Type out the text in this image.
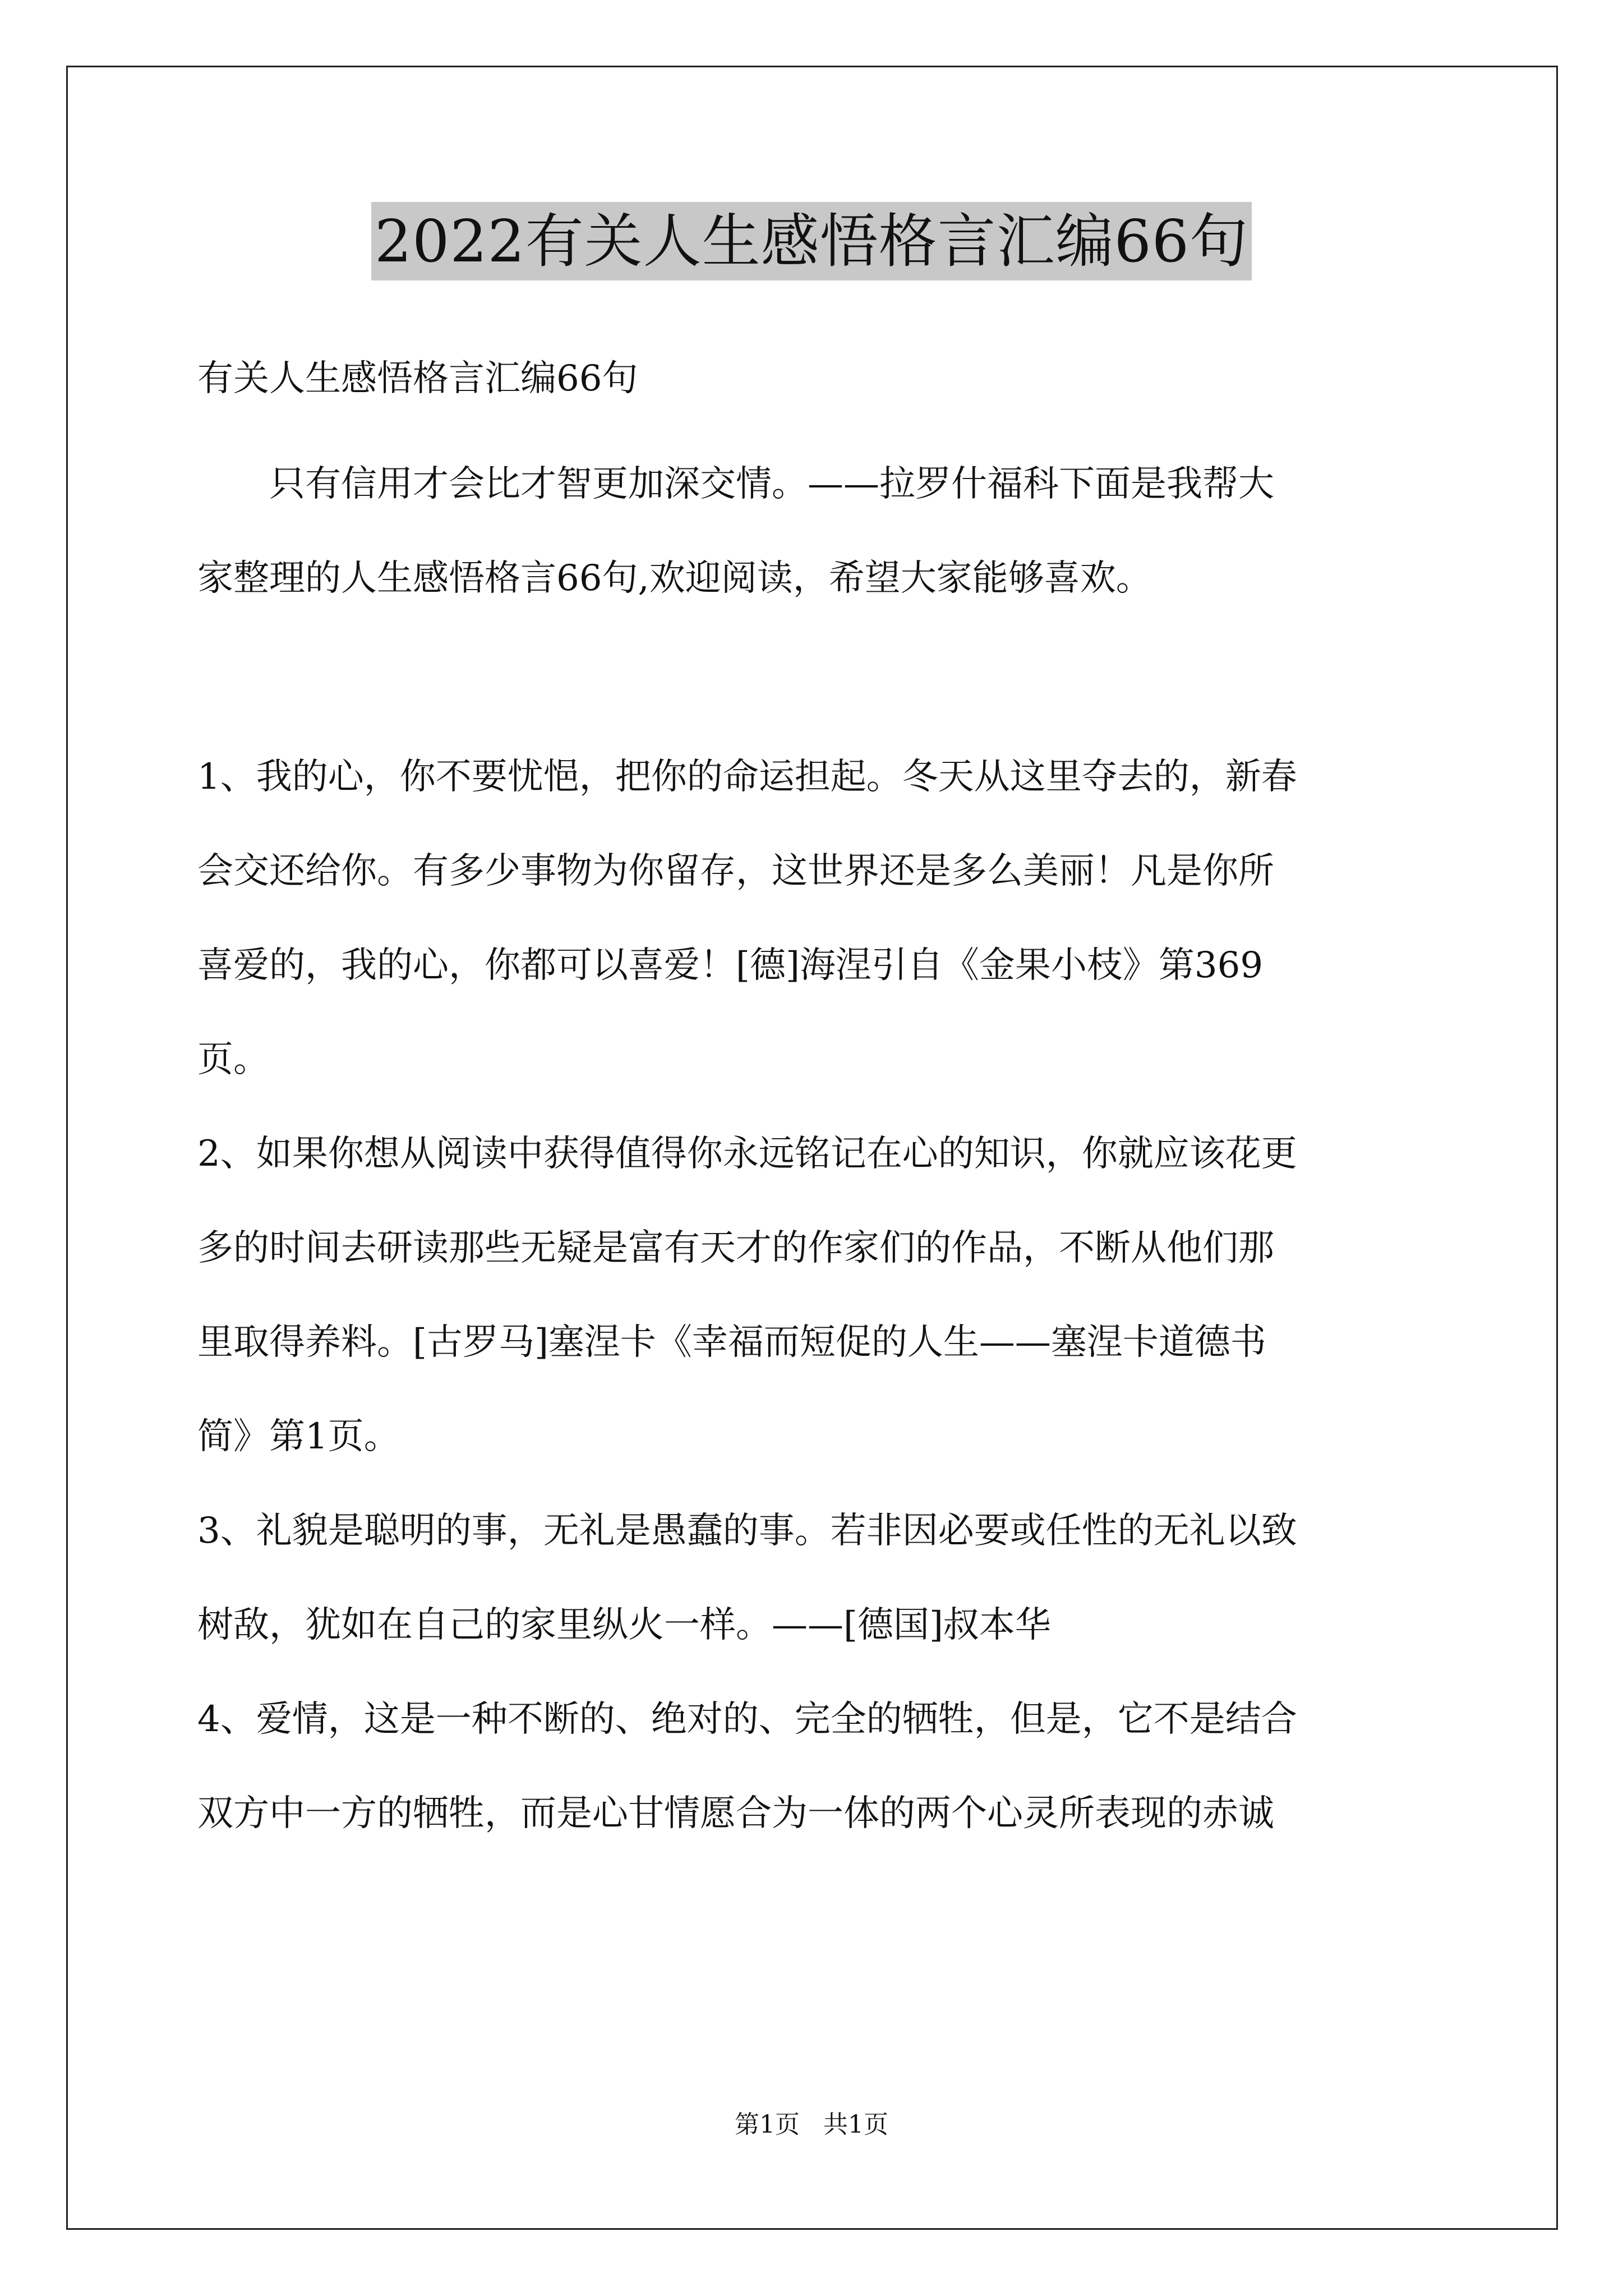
2022有关人生感悟格言汇编66句
有关人生感悟格言汇编66句
只有信用才会比才智更加深交情。——拉罗什福科下面是我帮大
家整理的人生感悟格言66句,欢迎阅读，希望大家能够喜欢。
1、我的心，你不要忧悒，把你的命运担起。冬天从这里夺去的，新春
会交还给你。有多少事物为你留存，这世界还是多么美丽！凡是你所
喜爱的，我的心，你都可以喜爱！[德]海涅引自《金果小枝》第369
页。
2、如果你想从阅读中获得值得你永远铭记在心的知识，你就应该花更
多的时间去研读那些无疑是富有天才的作家们的作品，不断从他们那
里取得养料。[古罗马]塞涅卡《幸福而短促的人生——塞涅卡道德书
简》第1页。
3、礼貌是聪明的事，无礼是愚蠢的事。若非因必要或任性的无礼以致
树敌，犹如在自己的家里纵火一样。——[德国]叔本华
4、爱情，这是一种不断的、绝对的、完全的牺牲，但是，它不是结合
双方中一方的牺牲，而是心甘情愿合为一体的两个心灵所表现的赤诚
第1页   共1页
